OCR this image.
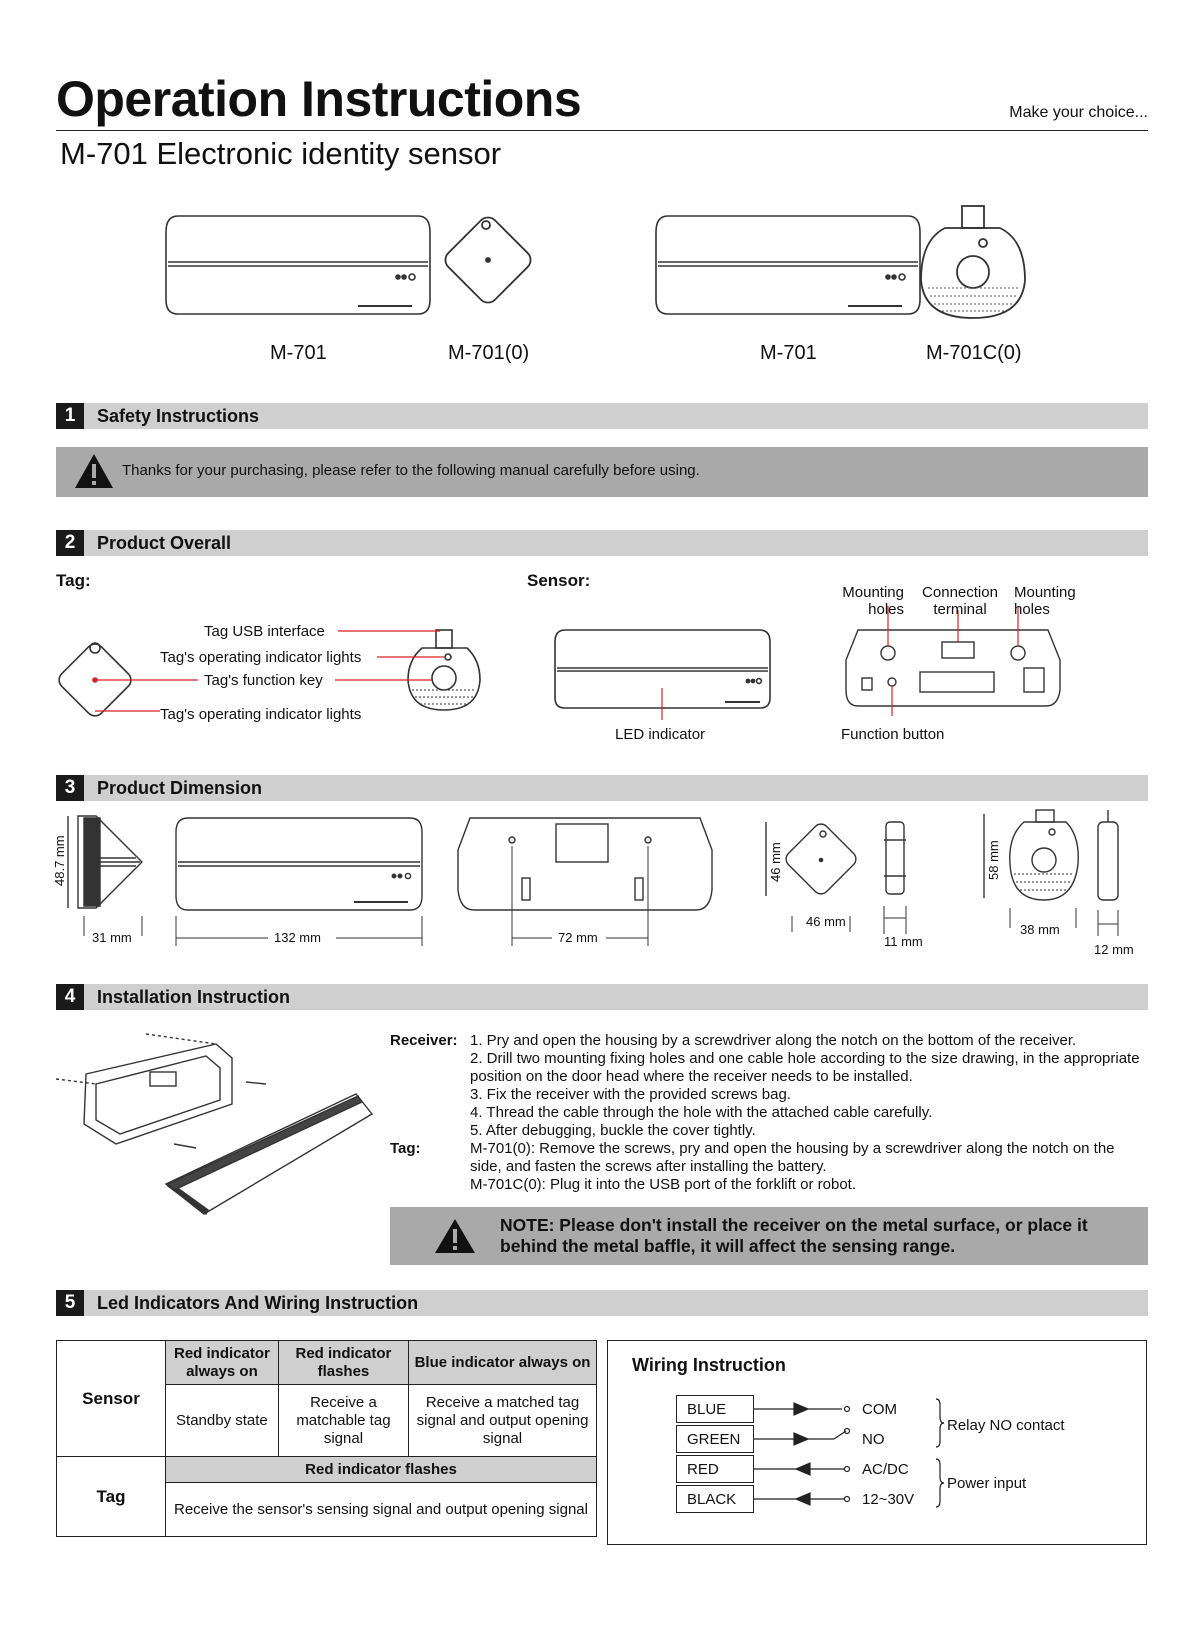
Operation Instructions	Make your choice...
M-701 Electronic identity sensor
M-701	M-701(0)	M-701	M-701C(0)
1	Safety Instructions
Thanks for your purchasing, please refer to the following manual carefully before using.
2	Product Overall
Tag:	Sensor:
Tag USB interface
Tag's operating indicator lights
Tag's function key
Tag's operating indicator lights
LED indicator	Function button
Mounting
holes
Connection
terminal
Mounting
holes
3	Product Dimension
48.7 mm
31 mm	132 mm	72 mm
46 mm
46 mm
11 mm
58 mm
38 mm
12 mm
4	Installation Instruction
Receiver: 1. Pry and open the housing by a screwdriver along the notch on the bottom of the receiver.
2. Drill two mounting fixing holes and one cable hole according to the size drawing, in the appropriate position on the door head where the receiver needs to be installed.
3. Fix the receiver with the provided screws bag.
4. Thread the cable through the hole with the attached cable carefully.
5. After debugging, buckle the cover tightly.
Tag:	M-701(0): Remove the screws, pry and open the housing by a screwdriver along the notch on the side, and fasten the screws after installing the battery.
M-701C(0): Plug it into the USB port of the forklift or robot.
NOTE: Please don't install the receiver on the metal surface, or place it behind the metal baffle, it will affect the sensing range.
5	Led Indicators And Wiring Instruction
Sensor	Red indicator always on	Red indicator flashes	Blue indicator always on
	Standby state	Receive a matchable tag signal	Receive a matched tag signal and output opening signal
Tag	Red indicator flashes		
	Receive the sensor's sensing signal and output opening signal		
Wiring Instruction
BLUE
GREEN
RED
BLACK
COM
NO
AC/DC
12~30V
Relay NO contact
Power input
